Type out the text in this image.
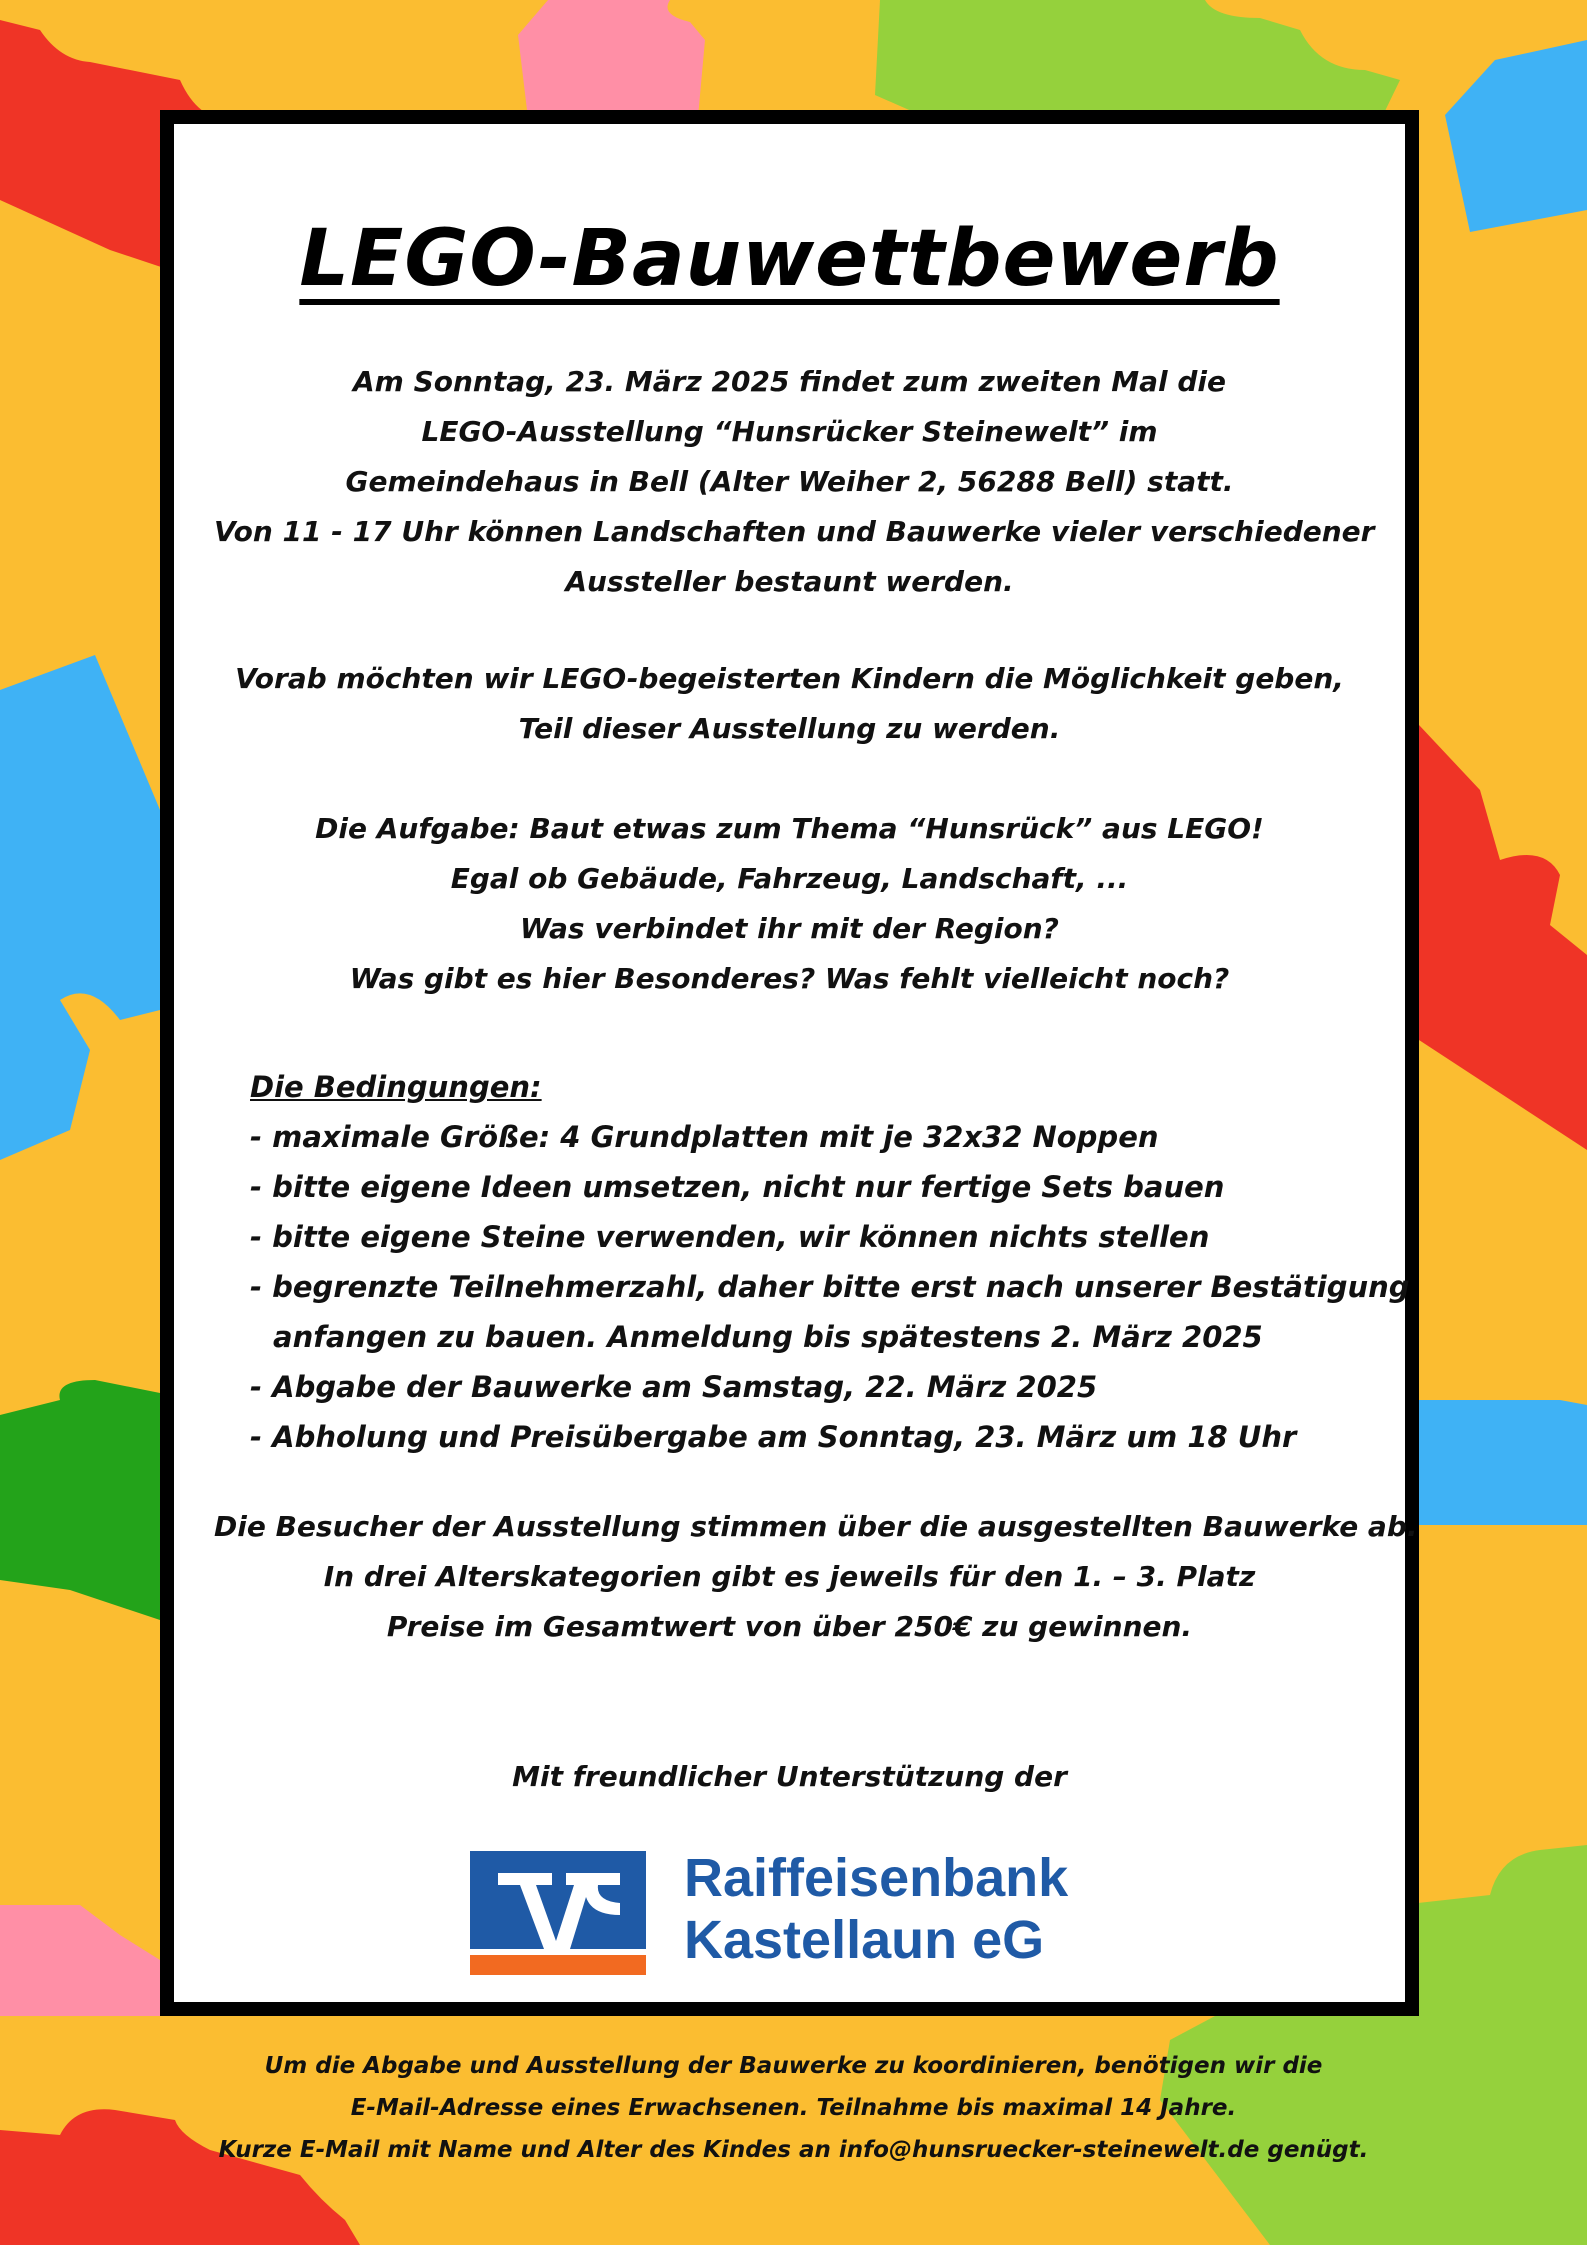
LEGO-Bauwettbewerb

Am Sonntag, 23. März 2025 findet zum zweiten Mal die
LEGO-Ausstellung “Hunsrücker Steinewelt” im
Gemeindehaus in Bell (Alter Weiher 2, 56288 Bell) statt.
Von 11 - 17 Uhr können Landschaften und Bauwerke vieler verschiedener
Aussteller bestaunt werden.

Vorab möchten wir LEGO-begeisterten Kindern die Möglichkeit geben,
Teil dieser Ausstellung zu werden.

Die Aufgabe: Baut etwas zum Thema “Hunsrück” aus LEGO!
Egal ob Gebäude, Fahrzeug, Landschaft, ...
Was verbindet ihr mit der Region?
Was gibt es hier Besonderes? Was fehlt vielleicht noch?

Die Bedingungen:
- maximale Größe: 4 Grundplatten mit je 32x32 Noppen
- bitte eigene Ideen umsetzen, nicht nur fertige Sets bauen
- bitte eigene Steine verwenden, wir können nichts stellen
- begrenzte Teilnehmerzahl, daher bitte erst nach unserer Bestätigung
anfangen zu bauen. Anmeldung bis spätestens 2. März 2025
- Abgabe der Bauwerke am Samstag, 22. März 2025
- Abholung und Preisübergabe am Sonntag, 23. März um 18 Uhr

Die Besucher der Ausstellung stimmen über die ausgestellten Bauwerke ab.
In drei Alterskategorien gibt es jeweils für den 1. – 3. Platz
Preise im Gesamtwert von über 250€ zu gewinnen.

Mit freundlicher Unterstützung der

Raiffeisenbank
Kastellaun eG

Um die Abgabe und Ausstellung der Bauwerke zu koordinieren, benötigen wir die
E-Mail-Adresse eines Erwachsenen. Teilnahme bis maximal 14 Jahre.
Kurze E-Mail mit Name und Alter des Kindes an info@hunsruecker-steinewelt.de genügt.
